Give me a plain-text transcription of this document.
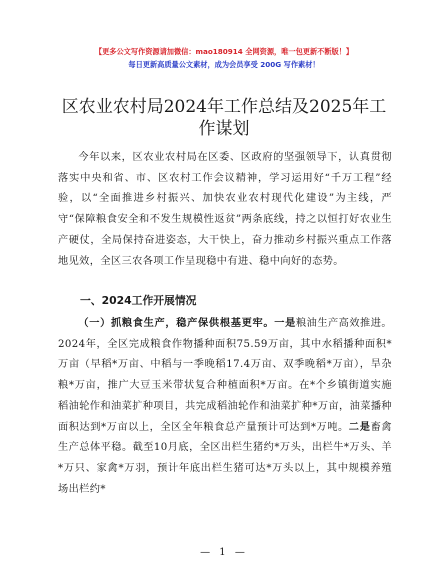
【更多公文写作资源请加微信：mao180914 全网资源，唯一包更新不断版！】
每日更新高质量公文素材，成为会员享受 200G 写作素材！
区农业农村局2024年工作总结及2025年工作谋划
今年以来，区农业农村局在区委、区政府的坚强领导下，认真贯彻落实中央和省、市、区农村工作会议精神，学习运用好“千万工程”经验，以“全面推进乡村振兴、加快农业农村现代化建设”为主线，严守“保障粮食安全和不发生规模性返贫”两条底线，持之以恒打好农业生产硬仗，全局保持奋进姿态，大干快上，奋力推动乡村振兴重点工作落地见效，全区三农各项工作呈现稳中有进、稳中向好的态势。
一、2024工作开展情况
（一）抓粮食生产，稳产保供根基更牢。一是粮油生产高效推进。2024年，全区完成粮食作物播种面积75.59万亩，其中水稻播种面积*万亩（早稻*万亩、中稻与一季晚稻17.4万亩、双季晚稻*万亩），旱杂粮*万亩，推广大豆玉米带状复合种植面积*万亩。在*个乡镇街道实施稻油轮作和油菜扩种项目，共完成稻油轮作和油菜扩种*万亩，油菜播种面积达到*万亩以上，全区全年粮食总产量预计可达到*万吨。二是畜禽生产总体平稳。截至10月底，全区出栏生猪约*万头，出栏牛*万头、羊*万只、家禽*万羽，预计年底出栏生猪可达*万头以上，其中规模养殖场出栏约*
— 1 —
